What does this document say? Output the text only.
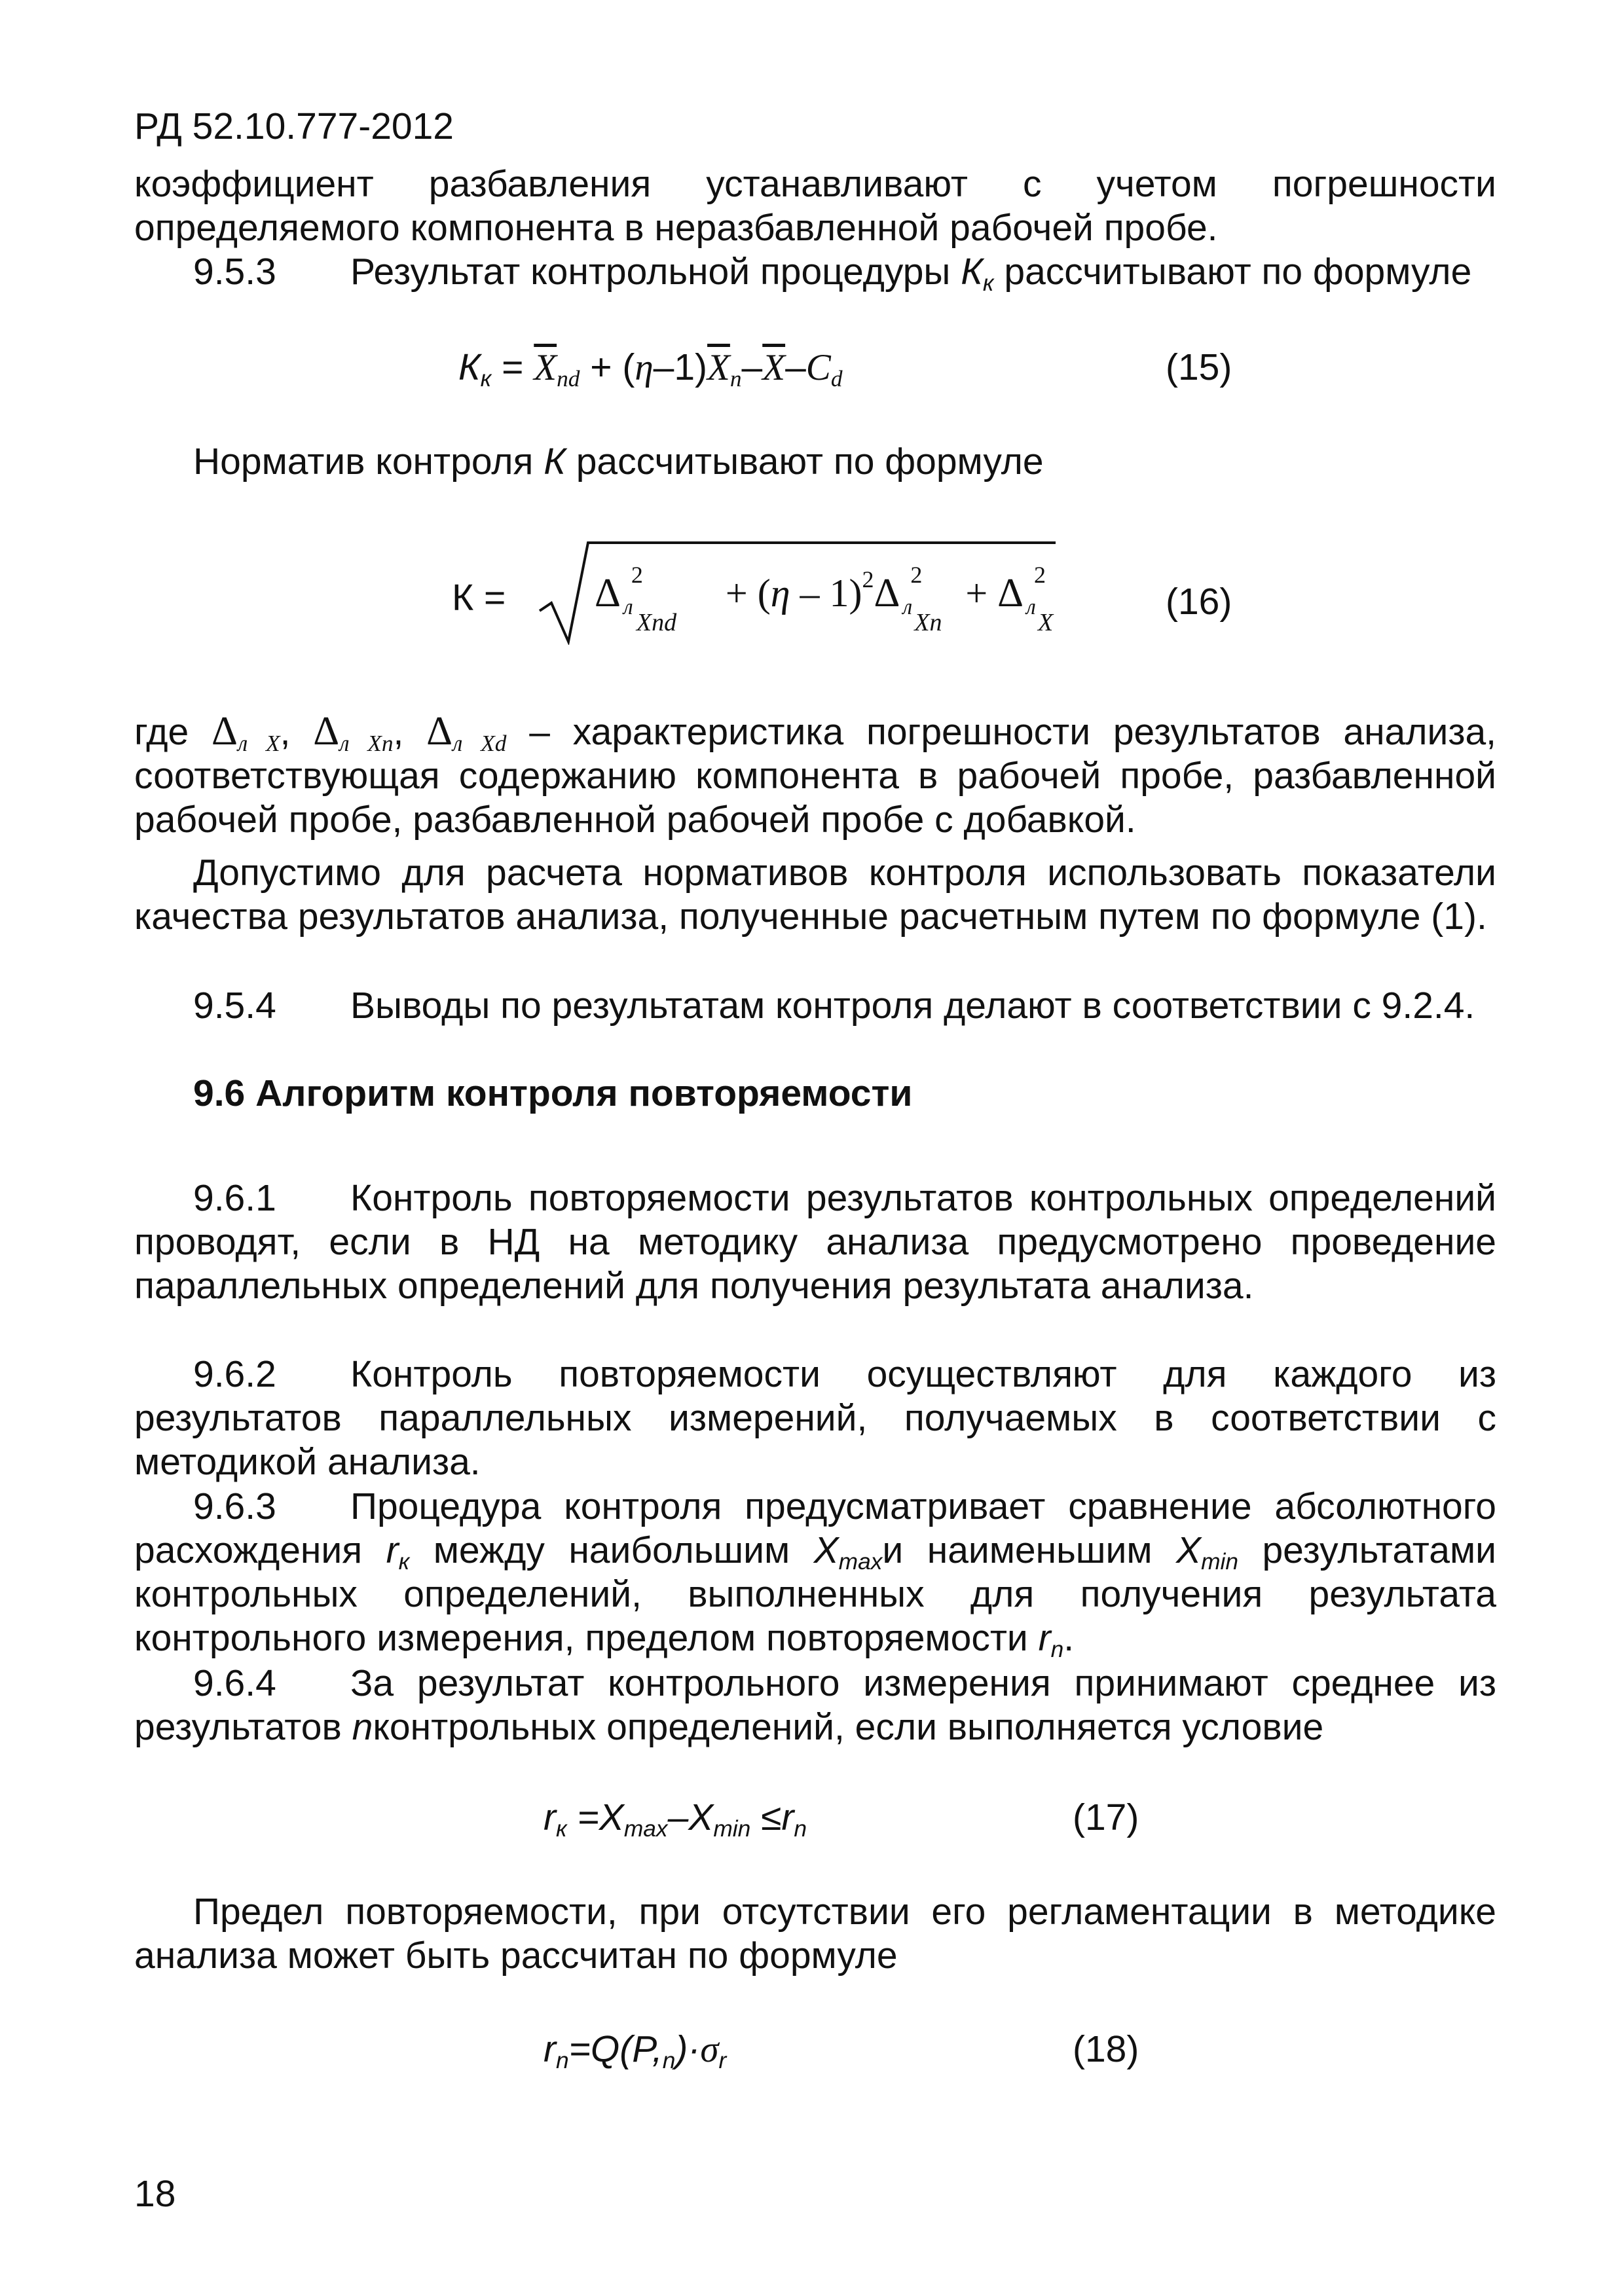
РД 52.10.777-2012

коэффициент разбавления устанавливают с учетом погрешности определяемого компонента в неразбавленной рабочей пробе.

9.5.3 Результат контрольной процедуры $К_к$ рассчитывают по формуле

$К_к = \overline{X}_{nd} + (\eta-1)\overline{X}_n-\overline{X}-C_d$	(15)

Норматив контроля К рассчитывают по формуле

К = Δ л
Xnd
2 + (η – 1)$^2$Δ л
Xn
2 + Δ л
X
2

(16)

где $\Delta_{л X}$, $\Delta_{л Xn}$, $\Delta_{л Xd}$ – характеристика погрешности результатов анализа, соответствующая содержанию компонента в рабочей пробе, разбавленной рабочей пробе, разбавленной рабочей пробе с добавкой.

Допустимо для расчета нормативов контроля использовать показатели качества результатов анализа, полученные расчетным путем по формуле (1).

9.5.4 Выводы по результатам контроля делают в соответствии с 9.2.4.

9.6 Алгоритм контроля повторяемости

9.6.1 Контроль повторяемости результатов контрольных определений проводят, если в НД на методику анализа предусмотрено проведение параллельных определений для получения результата анализа.

9.6.2 Контроль повторяемости осуществляют для каждого из результатов параллельных измерений, получаемых в соответствии с методикой анализа.

9.6.3 Процедура контроля предусматривает сравнение абсолютного расхождения $r_к$ между наибольшим $X_{max}и$ наименьшим $X_{min}$ результатами контрольных определений, выполненных для получения результата контрольного измерения, пределом повторяемости $r_n$.

9.6.4 За результат контрольного измерения принимают среднее из результатов nконтрольных определений, если выполняется условие

$r_к =X_{max}-X_{min} \le r_n$	(17)

Предел повторяемости, при отсутствии его регламентации в методике анализа может быть рассчитан по формуле

$r_n=Q(P,_n)\cdot\sigma_r$	(18)
18
